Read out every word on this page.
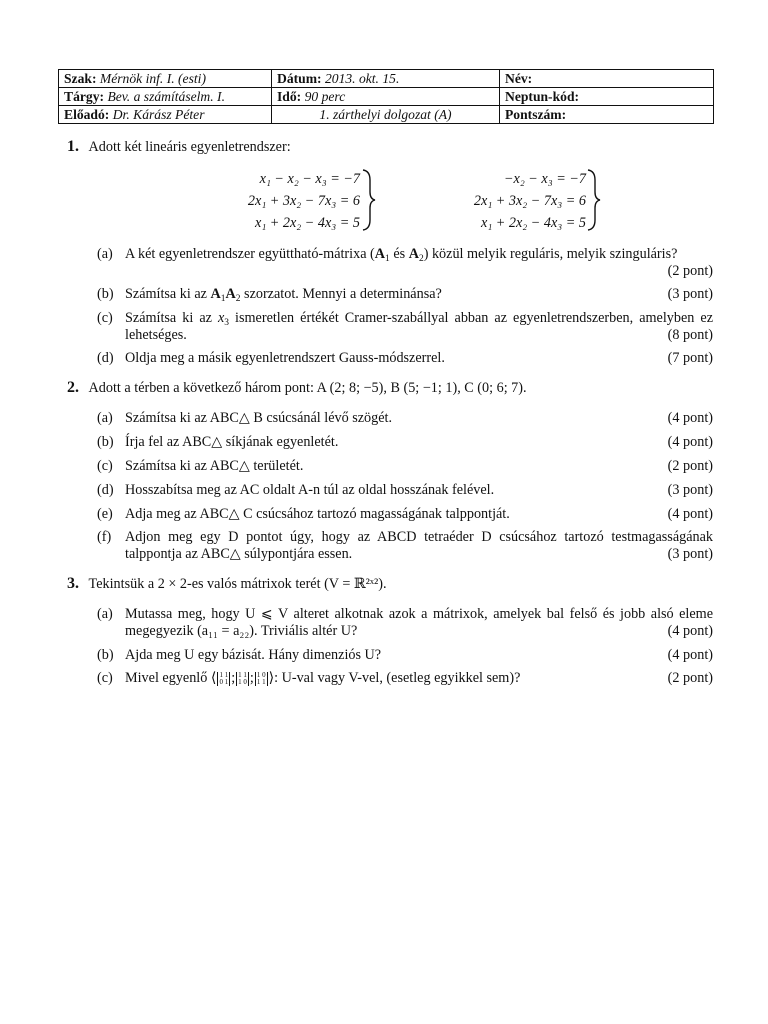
Szak: Mérnök inf. I. (esti)	Dátum: 2013. okt. 15.	Név:
Tárgy: Bev. a számításelm. I.	Idő: 90 perc	Neptun-kód:
Előadó: Dr. Kárász Péter	1. zárthelyi dolgozat (A)	Pontszám:
1. Adott két lineáris egyenletrendszer:
x₁ − x₂ − x₃ = −7
2x₁ + 3x₂ − 7x₃ = 6
x₁ + 2x₂ − 4x₃ = 5
−x₂ − x₃ = −7
2x₁ + 3x₂ − 7x₃ = 6
x₁ + 2x₂ − 4x₃ = 5
(a) A két egyenletrendszer együttható-mátrixa ($A_1$ és $A_2$) közül melyik reguláris, melyik szinguláris?
(2 pont)
(b) Számítsa ki az $A_1A_2$ szorzatot. Mennyi a determinánsa?	(3 pont)
(c) Számítsa ki az $x_3$ ismeretlen értékét Cramer-szabállyal abban az egyenletrendszerben, amelyben ez lehetséges.	(8 pont)
(d) Oldja meg a másik egyenletrendszert Gauss-módszerrel.	(7 pont)
2. Adott a térben a következő három pont: A (2; 8; −5), B (5; −1; 1), C (0; 6; 7).
(a) Számítsa ki az ABC△ B csúcsánál lévő szögét.	(4 pont)
(b) Írja fel az ABC△ síkjának egyenletét.	(4 pont)
(c) Számítsa ki az ABC△ területét.	(2 pont)
(d) Hosszabítsa meg az AC oldalt A-n túl az oldal hosszának felével.	(3 pont)
(e) Adja meg az ABC△ C csúcsához tartozó magasságának talppontját.	(4 pont)
(f) Adjon meg egy D pontot úgy, hogy az ABCD tetraéder D csúcsához tartozó testmagasságának talppontja az ABC△ súlypontjára essen.	(3 pont)
3. Tekintsük a 2 × 2-es valós mátrixok terét (V = ℝ²ˣ²).
(a) Mutassa meg, hogy U ⩽ V alteret alkotnak azok a mátrixok, amelyek bal felső és jobb alsó eleme megegyezik (a₁₁ = a₂₂). Triviális altér U?	(4 pont)
(b) Ajda meg U egy bázisát. Hány dimenziós U?	(4 pont)
(c) Mivel egyenlő ⟨ 1 1
0 1 ; 1 1
1 0 ; 1 0
1 1 ⟩: U-val vagy V-vel, (esetleg egyikkel sem)?	(2 pont)
